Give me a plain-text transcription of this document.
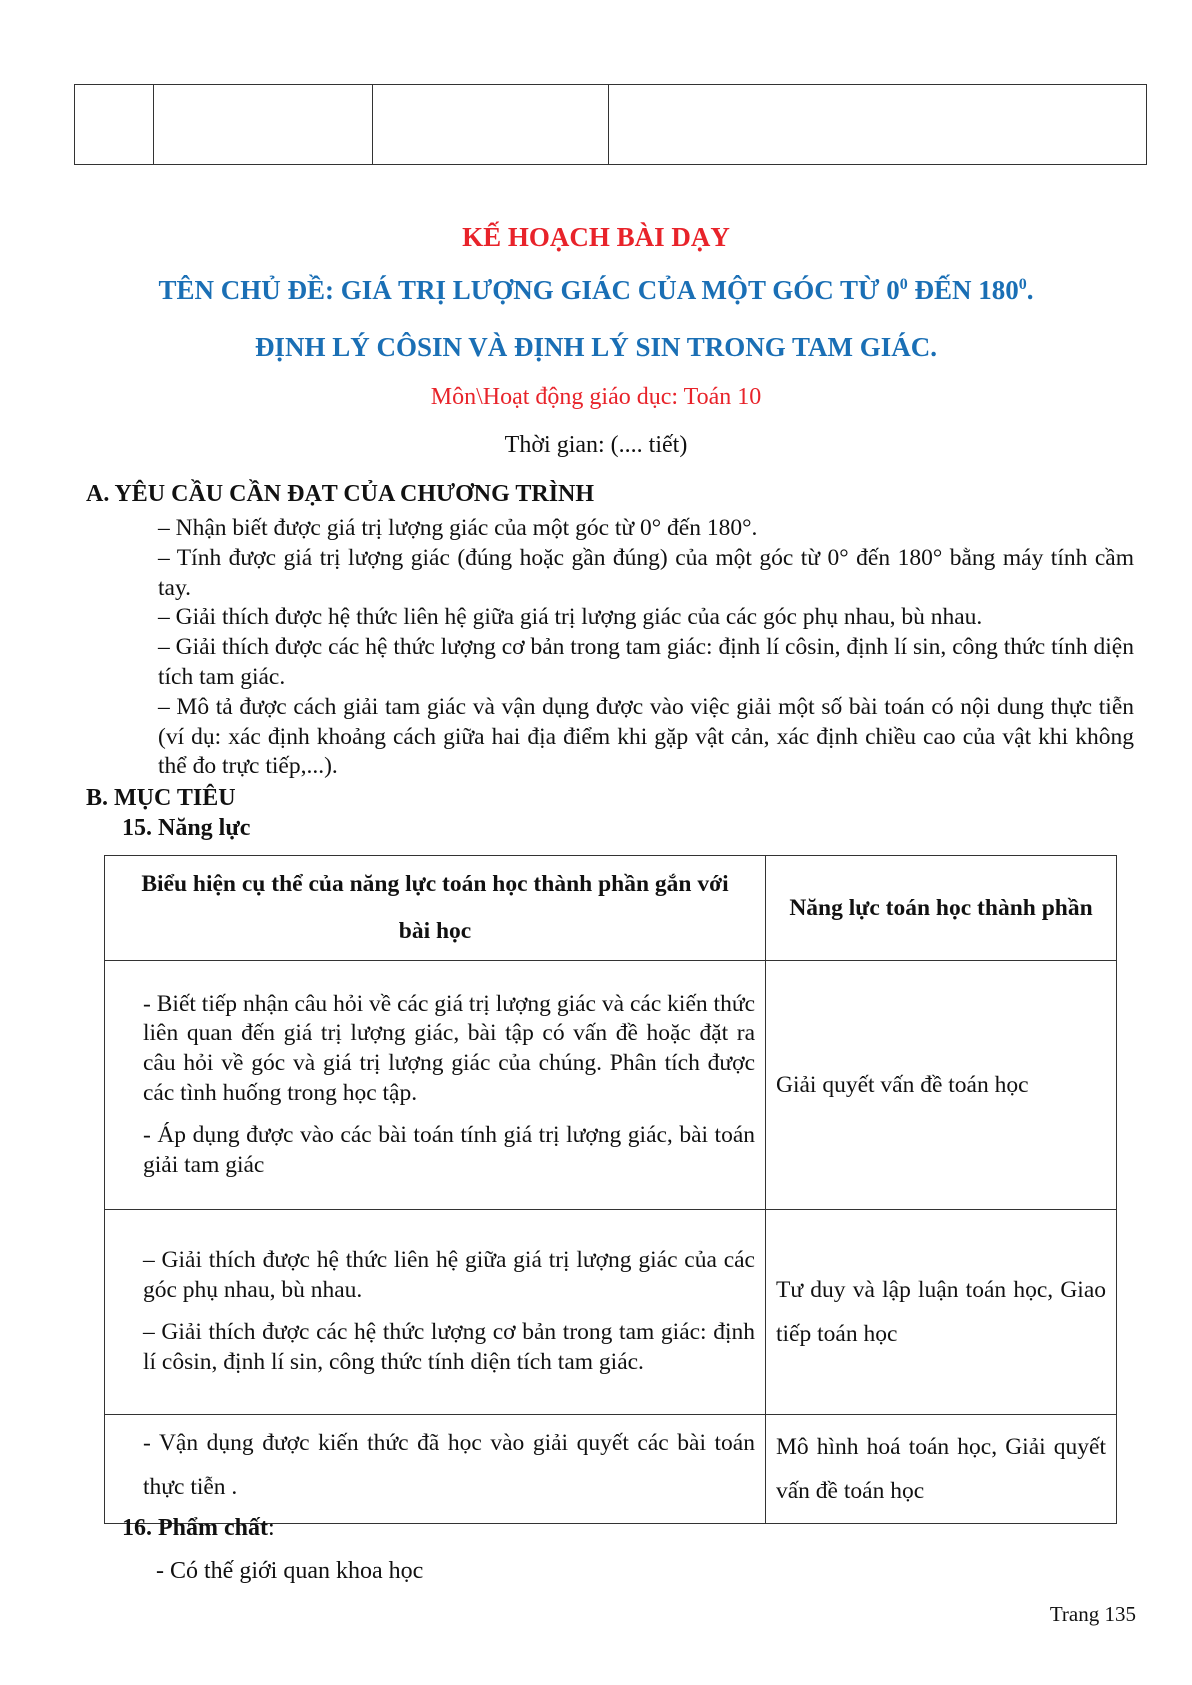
KẾ HOẠCH BÀI DẠY
TÊN CHỦ ĐỀ: GIÁ TRỊ LƯỢNG GIÁC CỦA MỘT GÓC TỪ $0^0$ ĐẾN $180^0$.
ĐỊNH LÝ CÔSIN VÀ ĐỊNH LÝ SIN TRONG TAM GIÁC.
Môn\Hoạt động giáo dục: Toán 10
Thời gian: (.... tiết)
A. YÊU CẦU CẦN ĐẠT CỦA CHƯƠNG TRÌNH

– Nhận biết được giá trị lượng giác của một góc từ 0° đến 180°.

– Tính được giá trị lượng giác (đúng hoặc gần đúng) của một góc từ 0° đến 180° bằng máy tính cầm tay.

– Giải thích được hệ thức liên hệ giữa giá trị lượng giác của các góc phụ nhau, bù nhau.

– Giải thích được các hệ thức lượng cơ bản trong tam giác: định lí côsin, định lí sin, công thức tính diện tích tam giác.

– Mô tả được cách giải tam giác và vận dụng được vào việc giải một số bài toán có nội dung thực tiễn (ví dụ: xác định khoảng cách giữa hai địa điểm khi gặp vật cản, xác định chiều cao của vật khi không thể đo trực tiếp,...).

B. MỤC TIÊU
15. Năng lực
Biểu hiện cụ thể của năng lực toán học thành phần gắn với bài học	Năng lực toán học thành phần

- Biết tiếp nhận câu hỏi về các giá trị lượng giác và các kiến thức liên quan đến giá trị lượng giác, bài tập có vấn đề hoặc đặt ra câu hỏi về góc và giá trị lượng giác của chúng. Phân tích được các tình huống trong học tập.

- Áp dụng được vào các bài toán tính giá trị lượng giác, bài toán giải tam giác	Giải quyết vấn đề toán học

– Giải thích được hệ thức liên hệ giữa giá trị lượng giác của các góc phụ nhau, bù nhau.

– Giải thích được các hệ thức lượng cơ bản trong tam giác: định lí côsin, định lí sin, công thức tính diện tích tam giác.	Tư duy và lập luận toán học, Giao tiếp toán học

- Vận dụng được kiến thức đã học vào giải quyết các bài toán thực tiễn .	Mô hình hoá toán học, Giải quyết vấn đề toán học
16. Phẩm chất:
- Có thế giới quan khoa học
Trang 135
